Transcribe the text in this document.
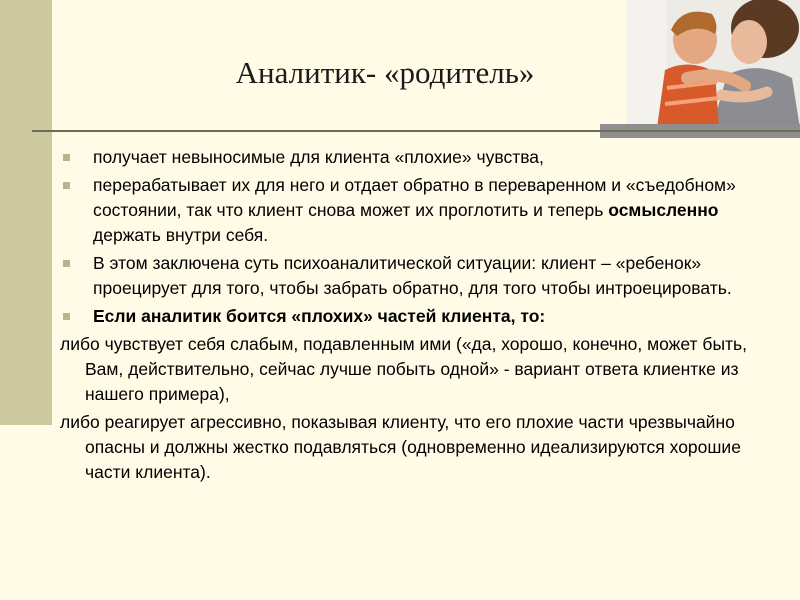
Аналитик- «родитель»
получает невыносимые для клиента «плохие» чувства,
перерабатывает их для него и отдает обратно в переваренном и «съедобном» состоянии, так что клиент снова может их проглотить и теперь осмысленно держать внутри себя.
В этом заключена суть психоаналитической ситуации: клиент – «ребенок» проецирует для того, чтобы забрать обратно, для того чтобы интроецировать.
Если аналитик боится «плохих» частей клиента, то:
либо чувствует себя слабым, подавленным ими («да, хорошо, конечно, может быть, Вам, действительно, сейчас лучше побыть одной» - вариант ответа клиентке из нашего примера),
либо реагирует агрессивно, показывая клиенту, что его плохие части чрезвычайно опасны и должны жестко подавляться (одновременно идеализируются хорошие части клиента).
